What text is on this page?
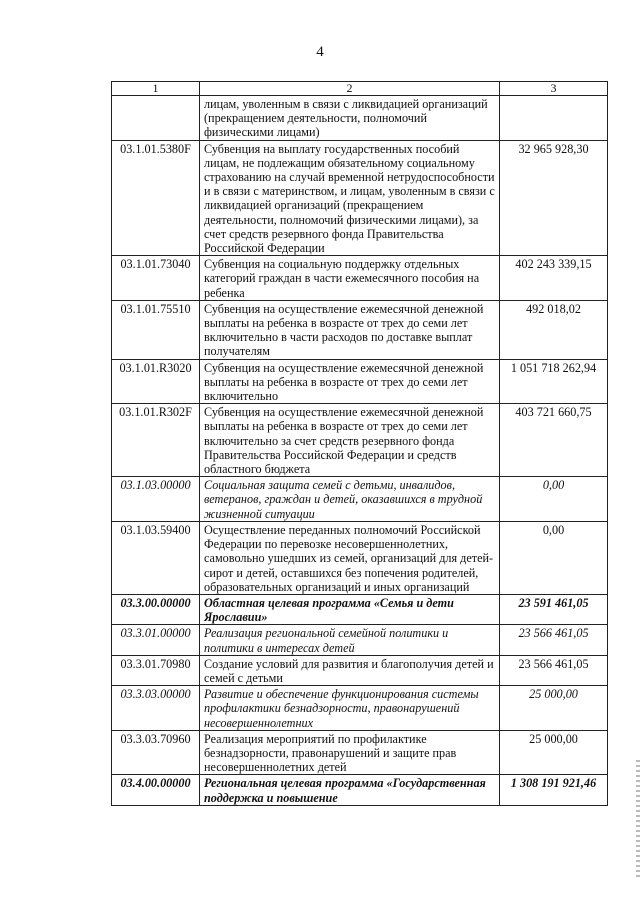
4
1	2	3
	лицам, уволенным в связи с ликвидацией организаций (прекращением деятельности, полномочий физическими лицами)	
03.1.01.5380F	Субвенция на выплату государственных пособий лицам, не подлежащим обязательному социальному страхованию на случай временной нетрудоспособности и в связи с материнством, и лицам, уволенным в связи с ликвидацией организаций (прекращением деятельности, полномочий физическими лицами), за счет средств резервного фонда Правительства Российской Федерации	32 965 928,30
03.1.01.73040	Субвенция на социальную поддержку отдельных категорий граждан в части ежемесячного пособия на ребенка	402 243 339,15
03.1.01.75510	Субвенция на осуществление ежемесячной денежной выплаты на ребенка в возрасте от трех до семи лет включительно в части расходов по доставке выплат получателям	492 018,02
03.1.01.R3020	Субвенция на осуществление ежемесячной денежной выплаты на ребенка в возрасте от трех до семи лет включительно	1 051 718 262,94
03.1.01.R302F	Субвенция на осуществление ежемесячной денежной выплаты на ребенка в возрасте от трех до семи лет включительно за счет средств резервного фонда Правительства Российской Федерации и средств областного бюджета	403 721 660,75
03.1.03.00000	Социальная защита семей с детьми, инвалидов, ветеранов, граждан и детей, оказавшихся в трудной жизненной ситуации	0,00
03.1.03.59400	Осуществление переданных полномочий Российской Федерации по перевозке несовершеннолетних, самовольно ушедших из семей, организаций для детей-сирот и детей, оставшихся без попечения родителей, образовательных организаций и иных организаций	0,00
03.3.00.00000	Областная целевая программа «Семья и дети Ярославии»	23 591 461,05
03.3.01.00000	Реализация региональной семейной политики и политики в интересах детей	23 566 461,05
03.3.01.70980	Создание условий для развития и благополучия детей и семей с детьми	23 566 461,05
03.3.03.00000	Развитие и обеспечение функционирования системы профилактики безнадзорности, правонарушений несовершеннолетних	25 000,00
03.3.03.70960	Реализация мероприятий по профилактике безнадзорности, правонарушений и защите прав несовершеннолетних детей	25 000,00
03.4.00.00000	Региональная целевая программа «Государственная поддержка и повышение	1 308 191 921,46
